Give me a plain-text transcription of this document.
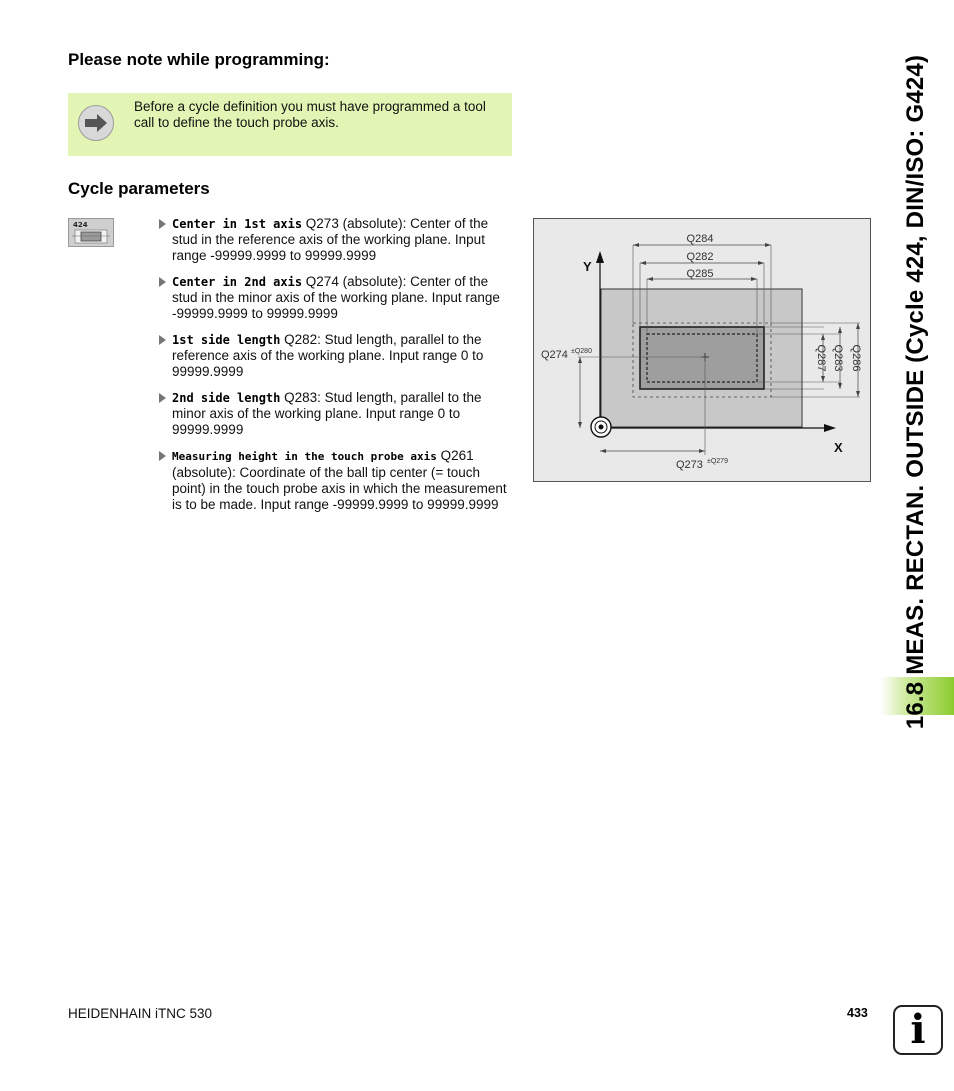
16.8 MEAS. RECTAN. OUTSIDE (Cycle 424, DIN/ISO: G424)
Please note while programming:
Before a cycle definition you must have programmed a tool call to define the touch probe axis.
Cycle parameters
424	Center in 1st axis Q273 (absolute): Center of the stud in the reference axis of the working plane. Input range -99999.9999 to 99999.9999
Center in 2nd axis Q274 (absolute): Center of the stud in the minor axis of the working plane. Input range -99999.9999 to 99999.9999
1st side length Q282: Stud length, parallel to the reference axis of the working plane. Input range 0 to 99999.9999
2nd side length Q283: Stud length, parallel to the minor axis of the working plane. Input range 0 to 99999.9999
Measuring height in the touch probe axis Q261 (absolute): Coordinate of the ball tip center (= touch point) in the touch probe axis in which the measurement is to be made. Input range -99999.9999 to 99999.9999
Y
X
Q284
Q282
Q285
Q274 ±Q280
Q273 ±Q279
Q287 Q283 Q286
HEIDENHAIN iTNC 530	433	i
